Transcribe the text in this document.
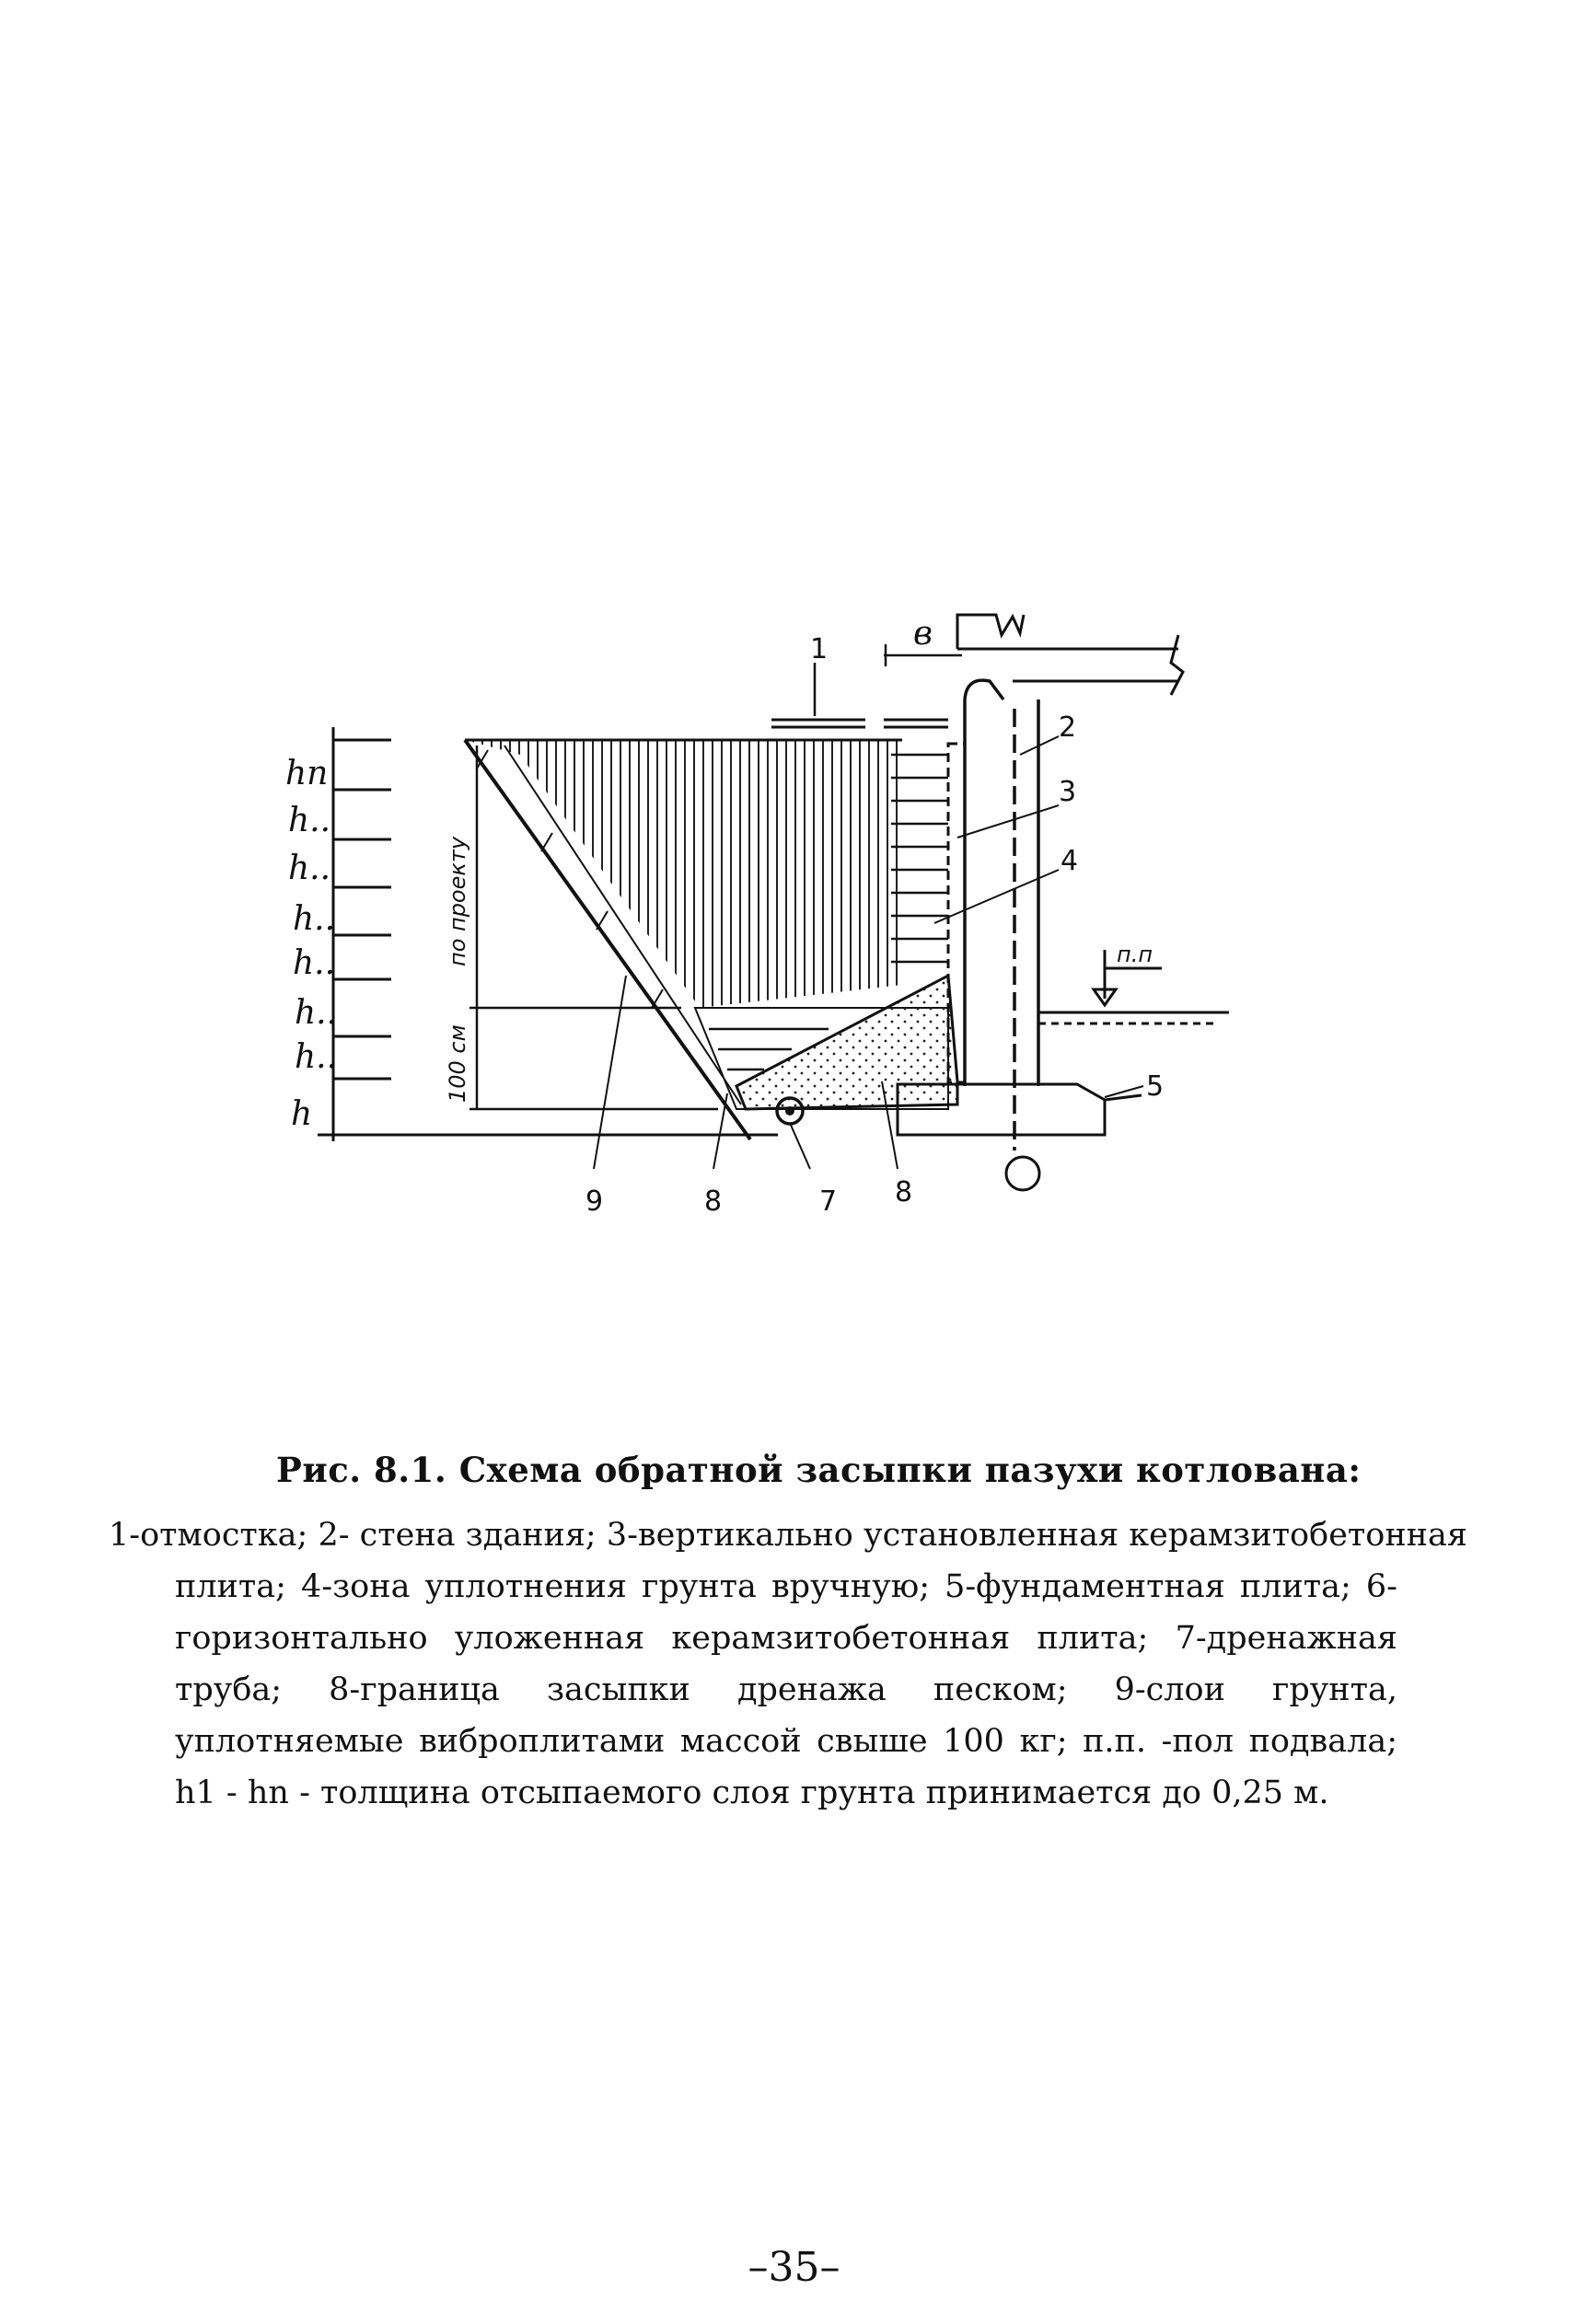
hп
h..
h..
h..
h..
h..
h..
h
по проекту
100 см
в
п.п
1
2
3
4
5
7
8	8
9
Рис. 8.1. Схема обратной засыпки пазухи котлована:
1-отмостка; 2- стена здания; 3-вертикально установленная керамзитобетонная
плита; 4-зона уплотнения грунта вручную; 5-фундаментная плита; 6-горизонтально уложенная керамзитобетонная плита; 7-дренажная труба; 8-граница засыпки дренажа песком; 9-слои грунта, уплотняемые виброплитами массой свыше 100 кг; п.п. -пол подвала; h1 - hn - толщина отсыпаемого слоя грунта принимается до 0,25 м.
–35–
